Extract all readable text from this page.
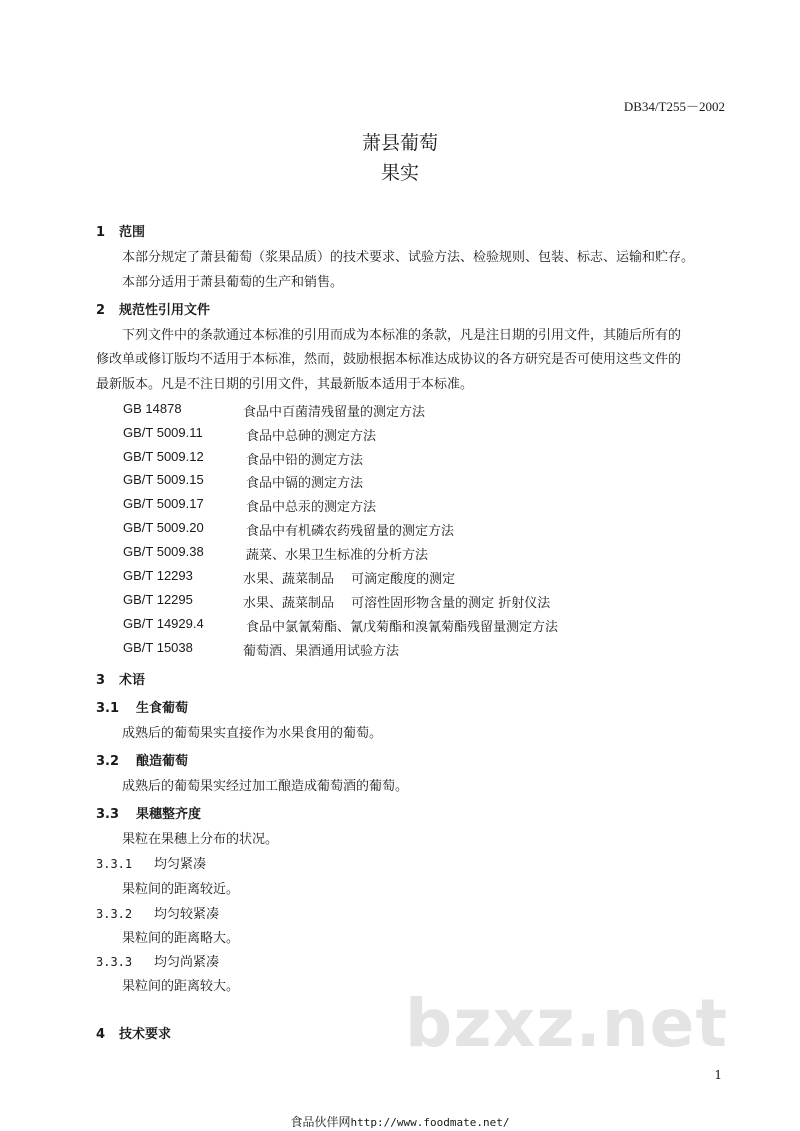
DB34/T255－2002
萧县葡萄
果实
1 范围
本部分规定了萧县葡萄（浆果品质）的技术要求、试验方法、检验规则、包装、标志、运输和贮存。
本部分适用于萧县葡萄的生产和销售。
2 规范性引用文件
下列文件中的条款通过本标准的引用而成为本标准的条款，凡是注日期的引用文件，其随后所有的
修改单或修订版均不适用于本标准，然而，鼓励根据本标准达成协议的各方研究是否可使用这些文件的
最新版本。凡是不注日期的引用文件，其最新版本适用于本标准。
GB 14878	食品中百菌清残留量的测定方法
GB/T 5009.11	食品中总砷的测定方法
GB/T 5009.12	食品中铅的测定方法
GB/T 5009.15	食品中镉的测定方法
GB/T 5009.17	食品中总汞的测定方法
GB/T 5009.20	食品中有机磷农药残留量的测定方法
GB/T 5009.38	蔬菜、水果卫生标准的分析方法
GB/T 12293	水果、蔬菜制品　 可滴定酸度的测定
GB/T 12295	水果、蔬菜制品　 可溶性固形物含量的测定 折射仪法
GB/T 14929.4	食品中氯氰菊酯、氰戊菊酯和溴氰菊酯残留量测定方法
GB/T 15038	葡萄酒、果酒通用试验方法
3 术语
3.1 生食葡萄
成熟后的葡萄果实直接作为水果食用的葡萄。
3.2 酿造葡萄
成熟后的葡萄果实经过加工酿造成葡萄酒的葡萄。
3.3 果穗整齐度
果粒在果穗上分布的状况。
3.3.1 均匀紧凑
果粒间的距离较近。
3.3.2 均匀较紧凑
果粒间的距离略大。
3.3.3 均匀尚紧凑
果粒间的距离较大。	bzxz.net
4 技术要求
1
食品伙伴网http://www.foodmate.net/
